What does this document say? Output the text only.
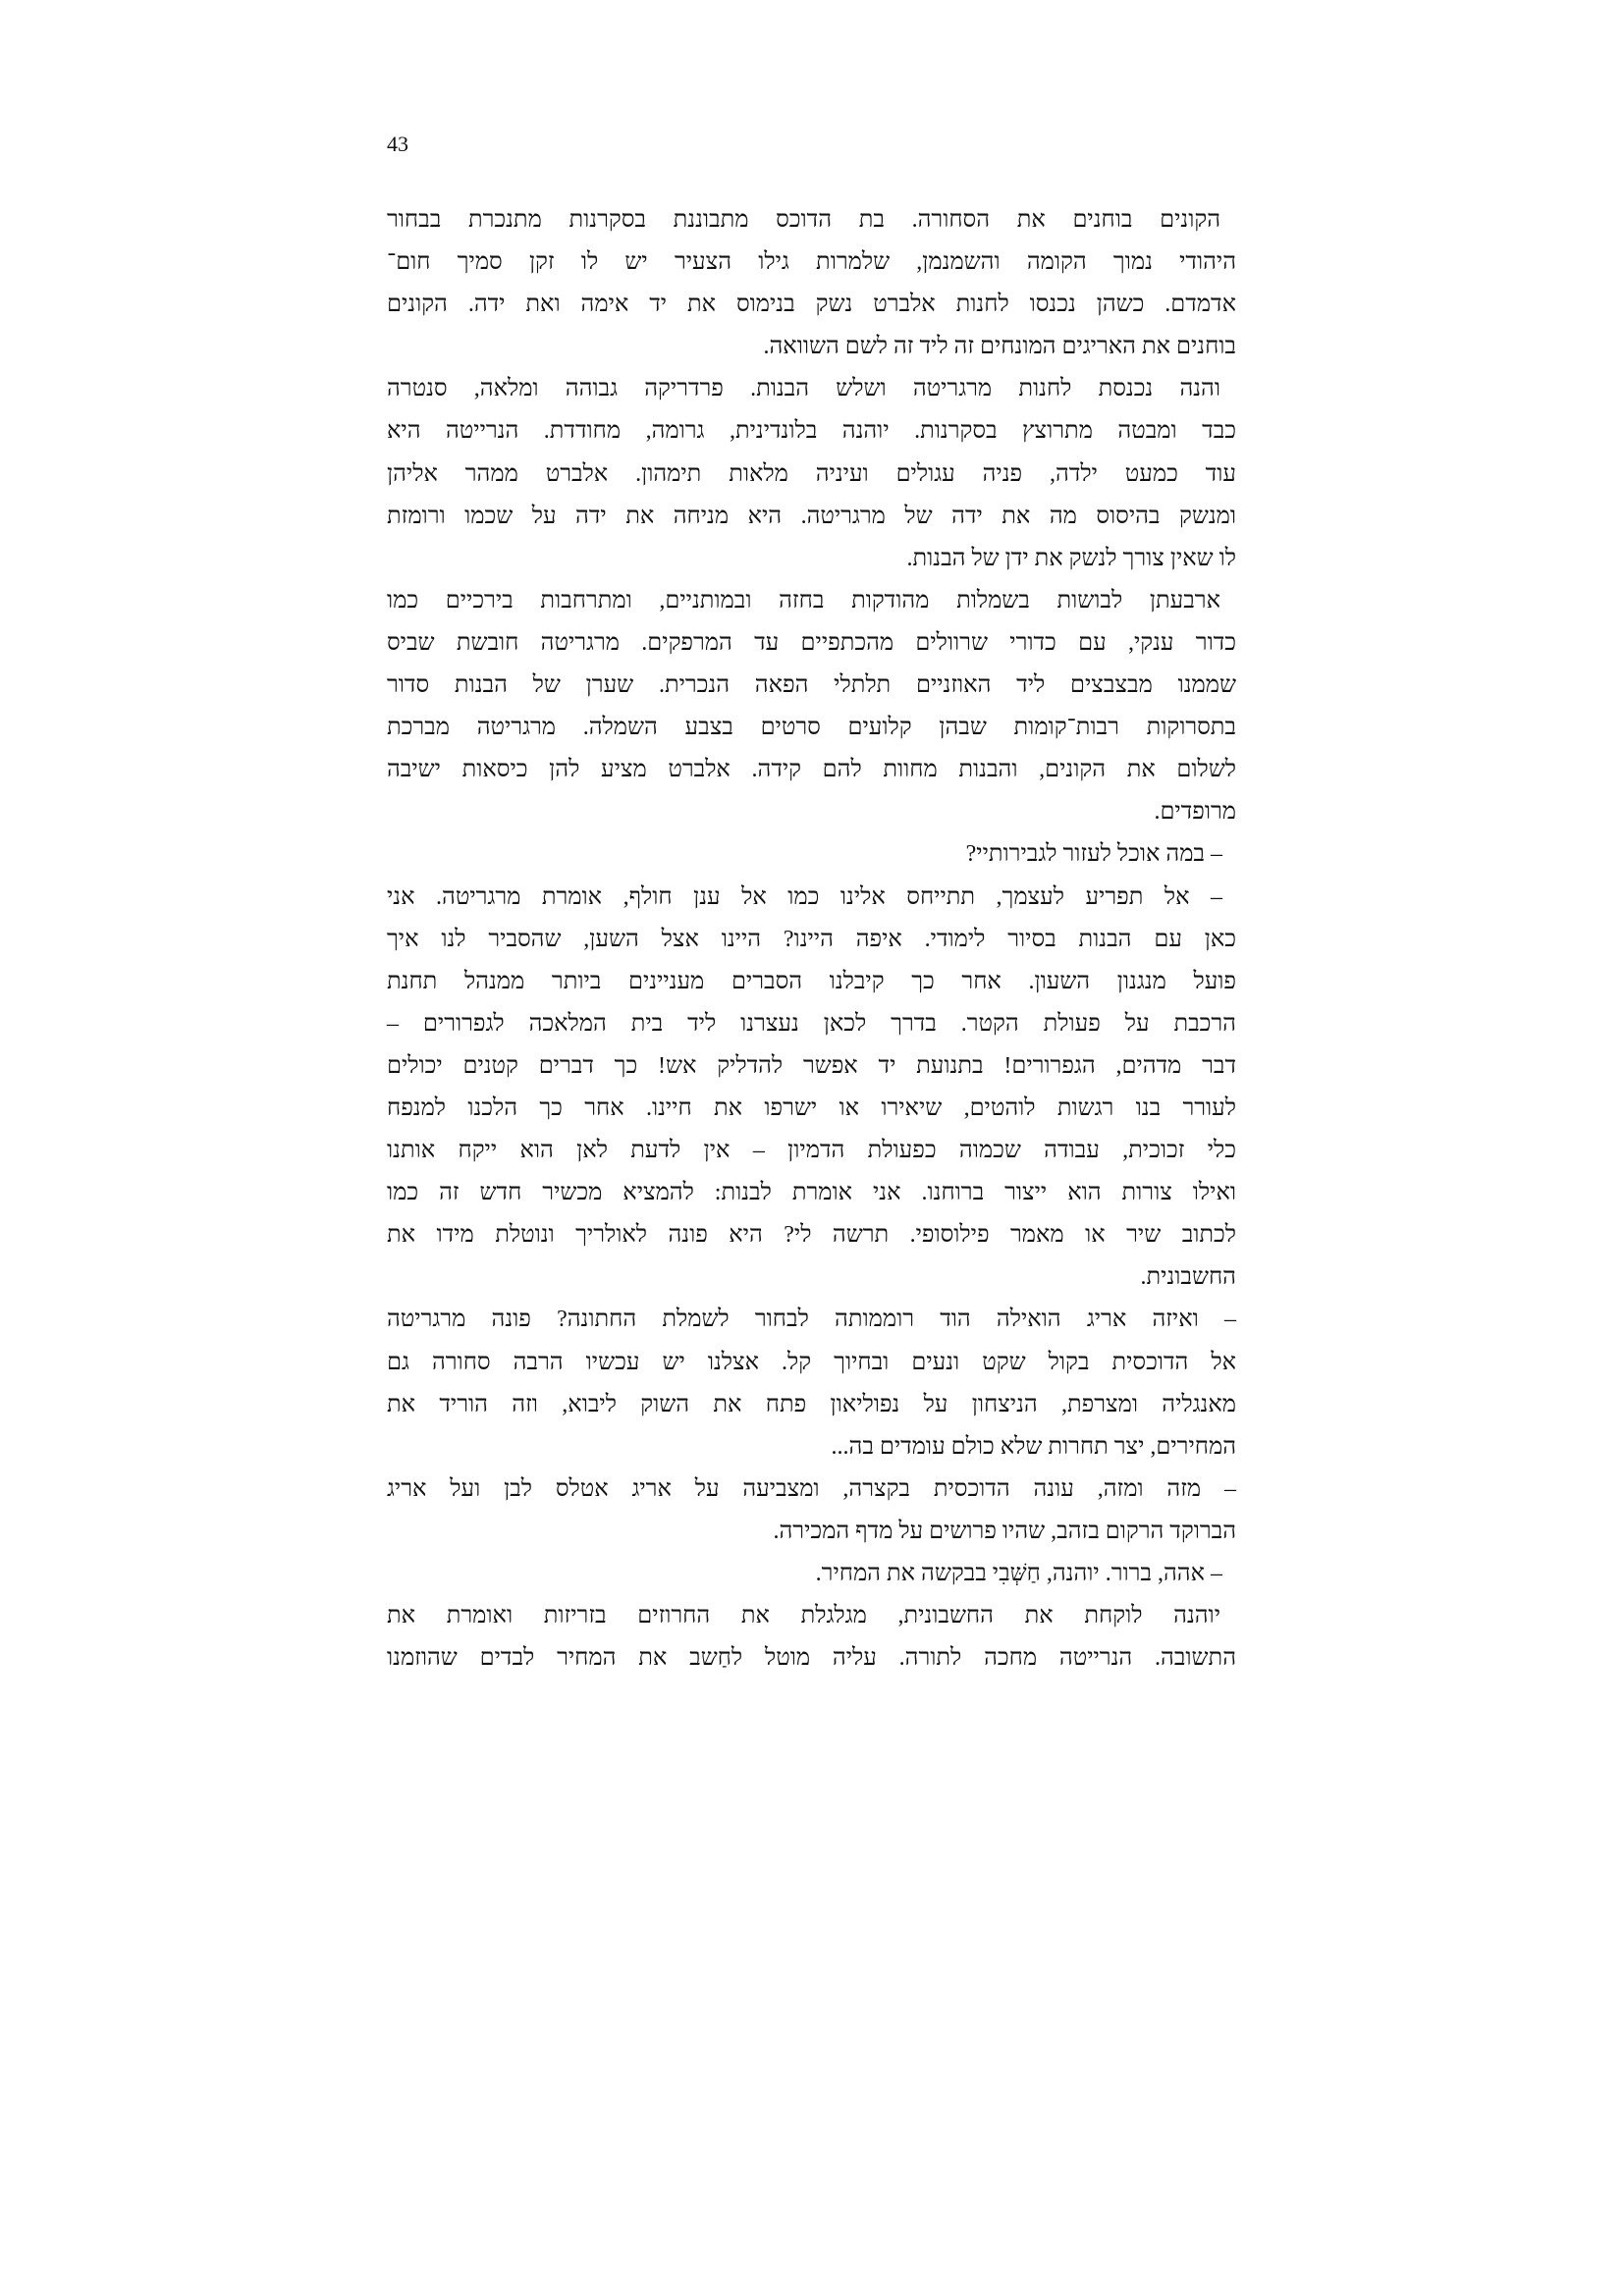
43
הקונים בוחנים את הסחורה. בת הדוכס מתבוננת בסקרנות מתנכרת בבחור
היהודי נמוך הקומה והשמנמן, שלמרות גילו הצעיר יש לו זקן סמיך חום־
אדמדם. כשהן נכנסו לחנות אלברט נשק בנימוס את יד אימה ואת ידה. הקונים
בוחנים את האריגים המונחים זה ליד זה לשם השוואה.
והנה נכנסת לחנות מרגריטה ושלש הבנות. פרדריקה גבוהה ומלאה, סנטרה
כבד ומבטה מתרוצץ בסקרנות. יוהנה בלונדינית, גרומה, מחודדת. הנרייטה היא
עוד כמעט ילדה, פניה עגולים ועיניה מלאות תימהון. אלברט ממהר אליהן
ומנשק בהיסוס מה את ידה של מרגריטה. היא מניחה את ידה על שכמו ורומזת
לו שאין צורך לנשק את ידן של הבנות.
ארבעתן לבושות בשמלות מהודקות בחזה ובמותניים, ומתרחבות בירכיים כמו
כדור ענקי, עם כדורי שרוולים מהכתפיים עד המרפקים. מרגריטה חובשת שביס
שממנו מבצבצים ליד האוזניים תלתלי הפאה הנכרית. שערן של הבנות סדור
בתסרוקות רבות־קומות שבהן קלועים סרטים בצבע השמלה. מרגריטה מברכת
לשלום את הקונים, והבנות מחוות להם קידה. אלברט מציע להן כיסאות ישיבה
מרופדים.
– במה אוכל לעזור לגבירותיי?
– אל תפריע לעצמך, תתייחס אלינו כמו אל ענן חולף, אומרת מרגריטה. אני
כאן עם הבנות בסיור לימודי. איפה היינו? היינו אצל השען, שהסביר לנו איך
פועל מנגנון השעון. אחר כך קיבלנו הסברים מעניינים ביותר ממנהל תחנת
הרכבת על פעולת הקטר. בדרך לכאן נעצרנו ליד בית המלאכה לגפרורים –
דבר מדהים, הגפרורים! בתנועת יד אפשר להדליק אש! כך דברים קטנים יכולים
לעורר בנו רגשות לוהטים, שיאירו או ישרפו את חיינו. אחר כך הלכנו למנפח
כלי זכוכית, עבודה שכמוה כפעולת הדמיון – אין לדעת לאן הוא ייקח אותנו
ואילו צורות הוא ייצור ברוחנו. אני אומרת לבנות: להמציא מכשיר חדש זה כמו
לכתוב שיר או מאמר פילוסופי. תרשה לי? היא פונה לאולריך ונוטלת מידו את
החשבונית.
– ואיזה אריג הואילה הוד רוממותה לבחור לשמלת החתונה? פונה מרגריטה
אל הדוכסית בקול שקט ונעים ובחיוך קל. אצלנו יש עכשיו הרבה סחורה גם
מאנגליה ומצרפת, הניצחון על נפוליאון פתח את השוק ליבוא, וזה הוריד את
המחירים, יצר תחרות שלא כולם עומדים בה...
– מזה ומזה, עונה הדוכסית בקצרה, ומצביעה על אריג אטלס לבן ועל אריג
הברוקד הרקום בזהב, שהיו פרושים על מדף המכירה.
– אהה, ברור. יוהנה, חַשְּׁבִי בבקשה את המחיר.
יוהנה לוקחת את החשבונית, מגלגלת את החרוזים בזריזות ואומרת את
התשובה. הנרייטה מחכה לתורה. עליה מוטל לחַשב את המחיר לבדים שהוזמנו
